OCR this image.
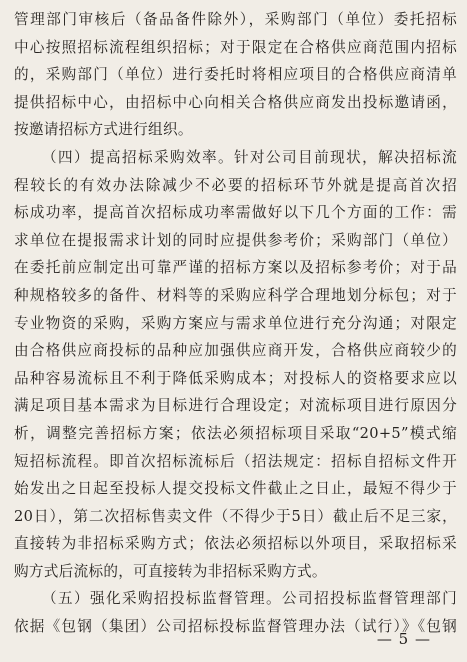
管理部门审核后（备品备件除外），采购部门（单位）委托招标
中心按照招标流程组织招标；对于限定在合格供应商范围内招标
的，采购部门（单位）进行委托时将相应项目的合格供应商清单
提供招标中心，由招标中心向相关合格供应商发出投标邀请函，
按邀请招标方式进行组织。
（四）提高招标采购效率。针对公司目前现状，解决招标流
程较长的有效办法除减少不必要的招标环节外就是提高首次招
标成功率，提高首次招标成功率需做好以下几个方面的工作：需
求单位在提报需求计划的同时应提供参考价；采购部门（单位）
在委托前应制定出可靠严谨的招标方案以及招标参考价；对于品
种规格较多的备件、材料等的采购应科学合理地划分标包；对于
专业物资的采购，采购方案应与需求单位进行充分沟通；对限定
由合格供应商投标的品种应加强供应商开发，合格供应商较少的
品种容易流标且不利于降低采购成本；对投标人的资格要求应以
满足项目基本需求为目标进行合理设定；对流标项目进行原因分
析，调整完善招标方案；依法必须招标项目采取“20+5”模式缩
短招标流程。即首次招标流标后（招法规定：招标自招标文件开
始发出之日起至投标人提交投标文件截止之日止，最短不得少于
20日），第二次招标售卖文件（不得少于5日）截止后不足三家，
直接转为非招标采购方式；依法必须招标以外项目，采取招标采
购方式后流标的，可直接转为非招标采购方式。
（五）强化采购招投标监督管理。公司招投标监督管理部门
依据《包钢（集团）公司招标投标监督管理办法（试行）》《包钢
— 5 —
